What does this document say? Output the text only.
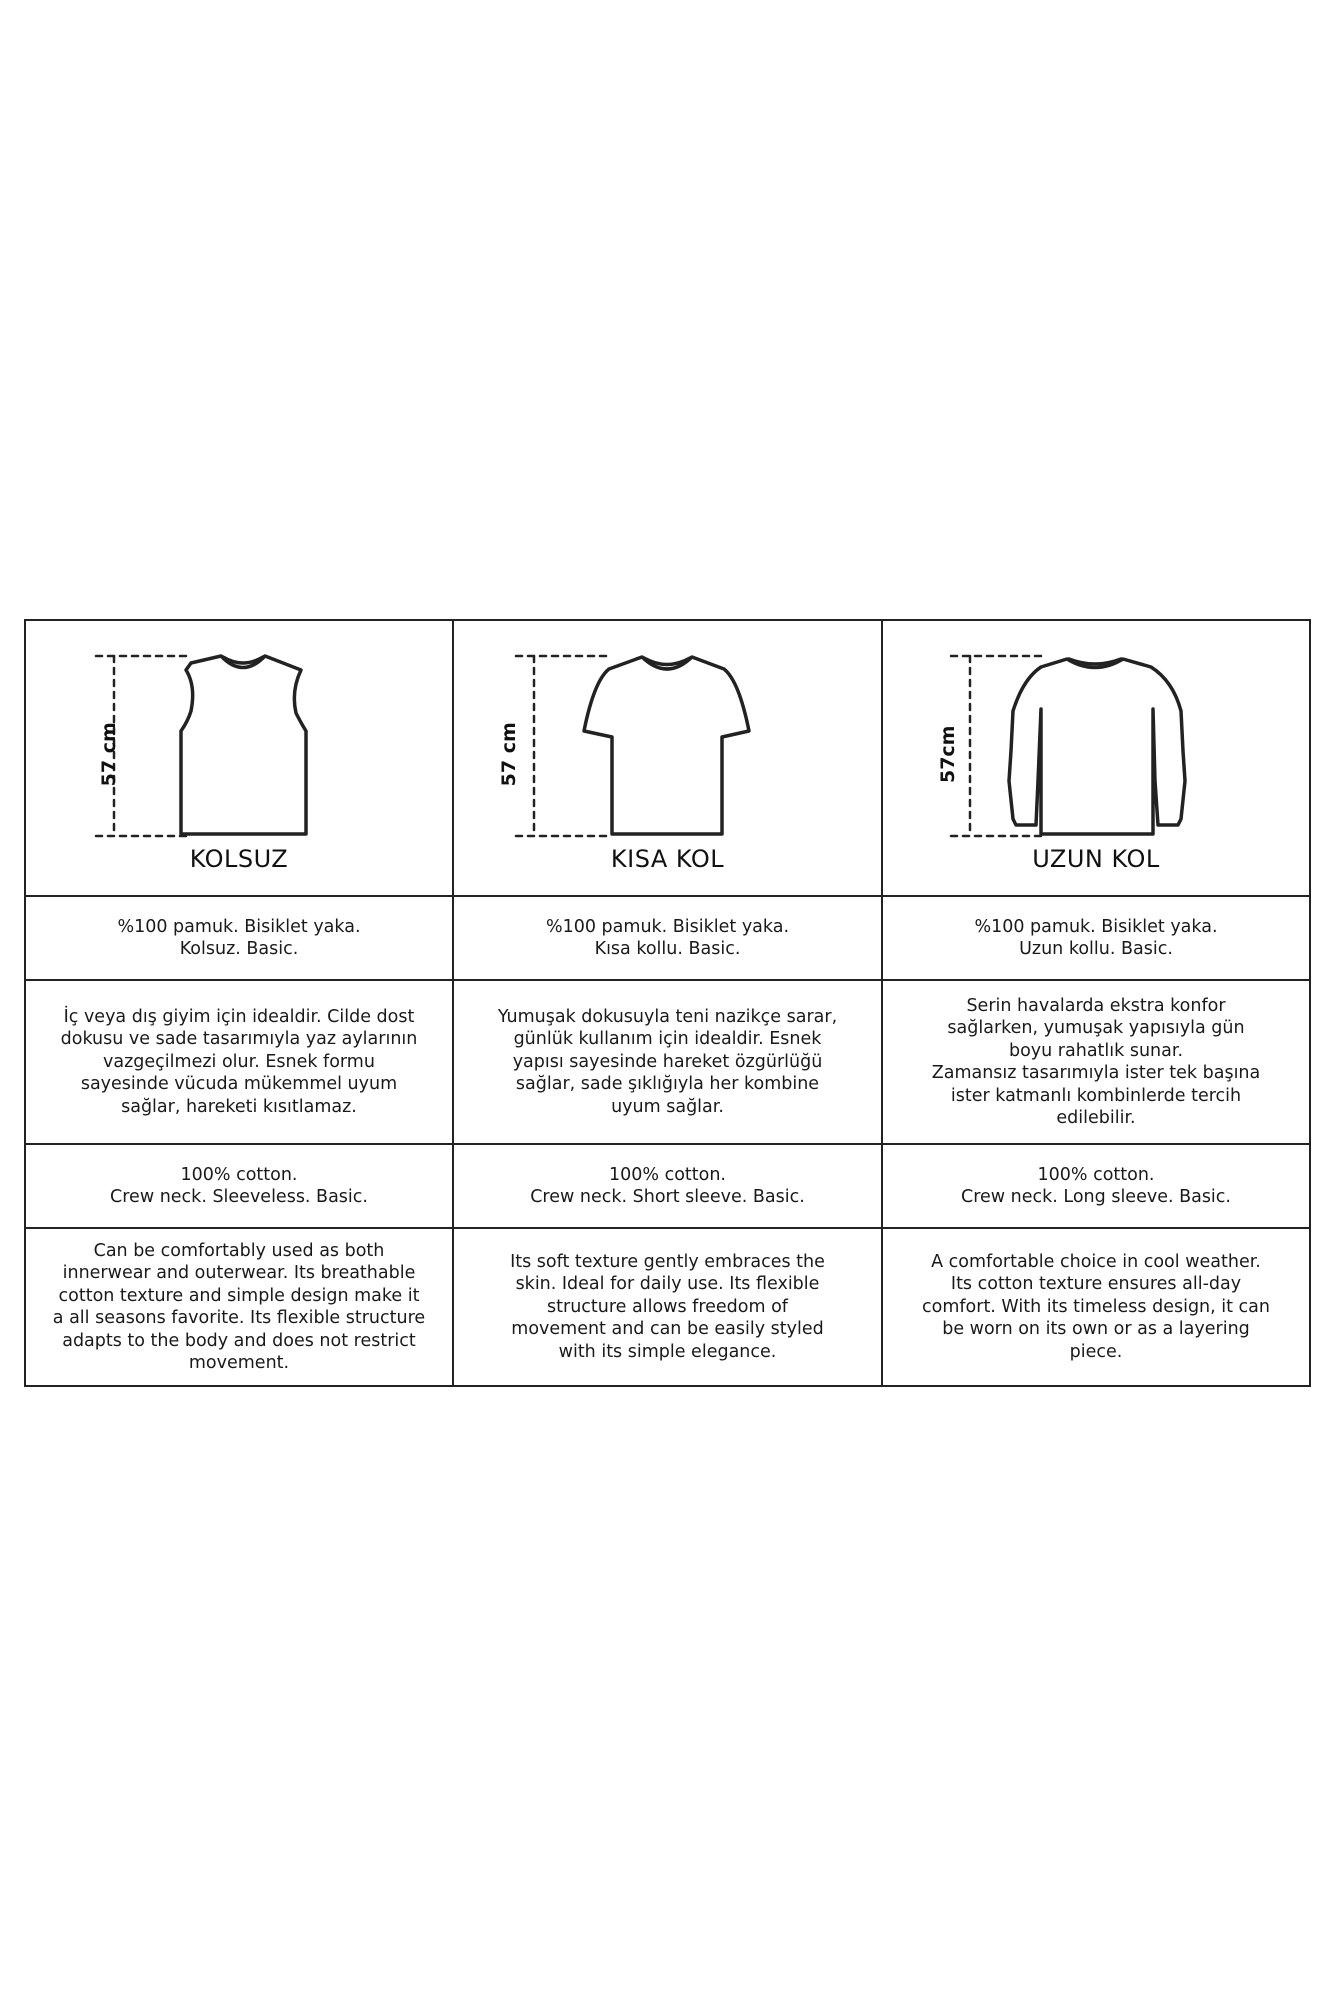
57 cm
KOLSUZ
57 cm
KISA KOL
57cm
UZUN KOL
%100 pamuk. Bisiklet yaka.
Kolsuz. Basic.
%100 pamuk. Bisiklet yaka.
Kısa kollu. Basic.
%100 pamuk. Bisiklet yaka.
Uzun kollu. Basic.
İç veya dış giyim için idealdir. Cilde dost
dokusu ve sade tasarımıyla yaz aylarının
vazgeçilmezi olur. Esnek formu
sayesinde vücuda mükemmel uyum
sağlar, hareketi kısıtlamaz.
Yumuşak dokusuyla teni nazikçe sarar,
günlük kullanım için idealdir. Esnek
yapısı sayesinde hareket özgürlüğü
sağlar, sade şıklığıyla her kombine
uyum sağlar.
Serin havalarda ekstra konfor
sağlarken, yumuşak yapısıyla gün
boyu rahatlık sunar.
Zamansız tasarımıyla ister tek başına
ister katmanlı kombinlerde tercih
edilebilir.
100% cotton.
Crew neck. Sleeveless. Basic.
100% cotton.
Crew neck. Short sleeve. Basic.
100% cotton.
Crew neck. Long sleeve. Basic.
Can be comfortably used as both
innerwear and outerwear. Its breathable
cotton texture and simple design make it
a all seasons favorite. Its flexible structure
adapts to the body and does not restrict
movement.
Its soft texture gently embraces the
skin. Ideal for daily use. Its flexible
structure allows freedom of
movement and can be easily styled
with its simple elegance.
A comfortable choice in cool weather.
Its cotton texture ensures all-day
comfort. With its timeless design, it can
be worn on its own or as a layering
piece.
